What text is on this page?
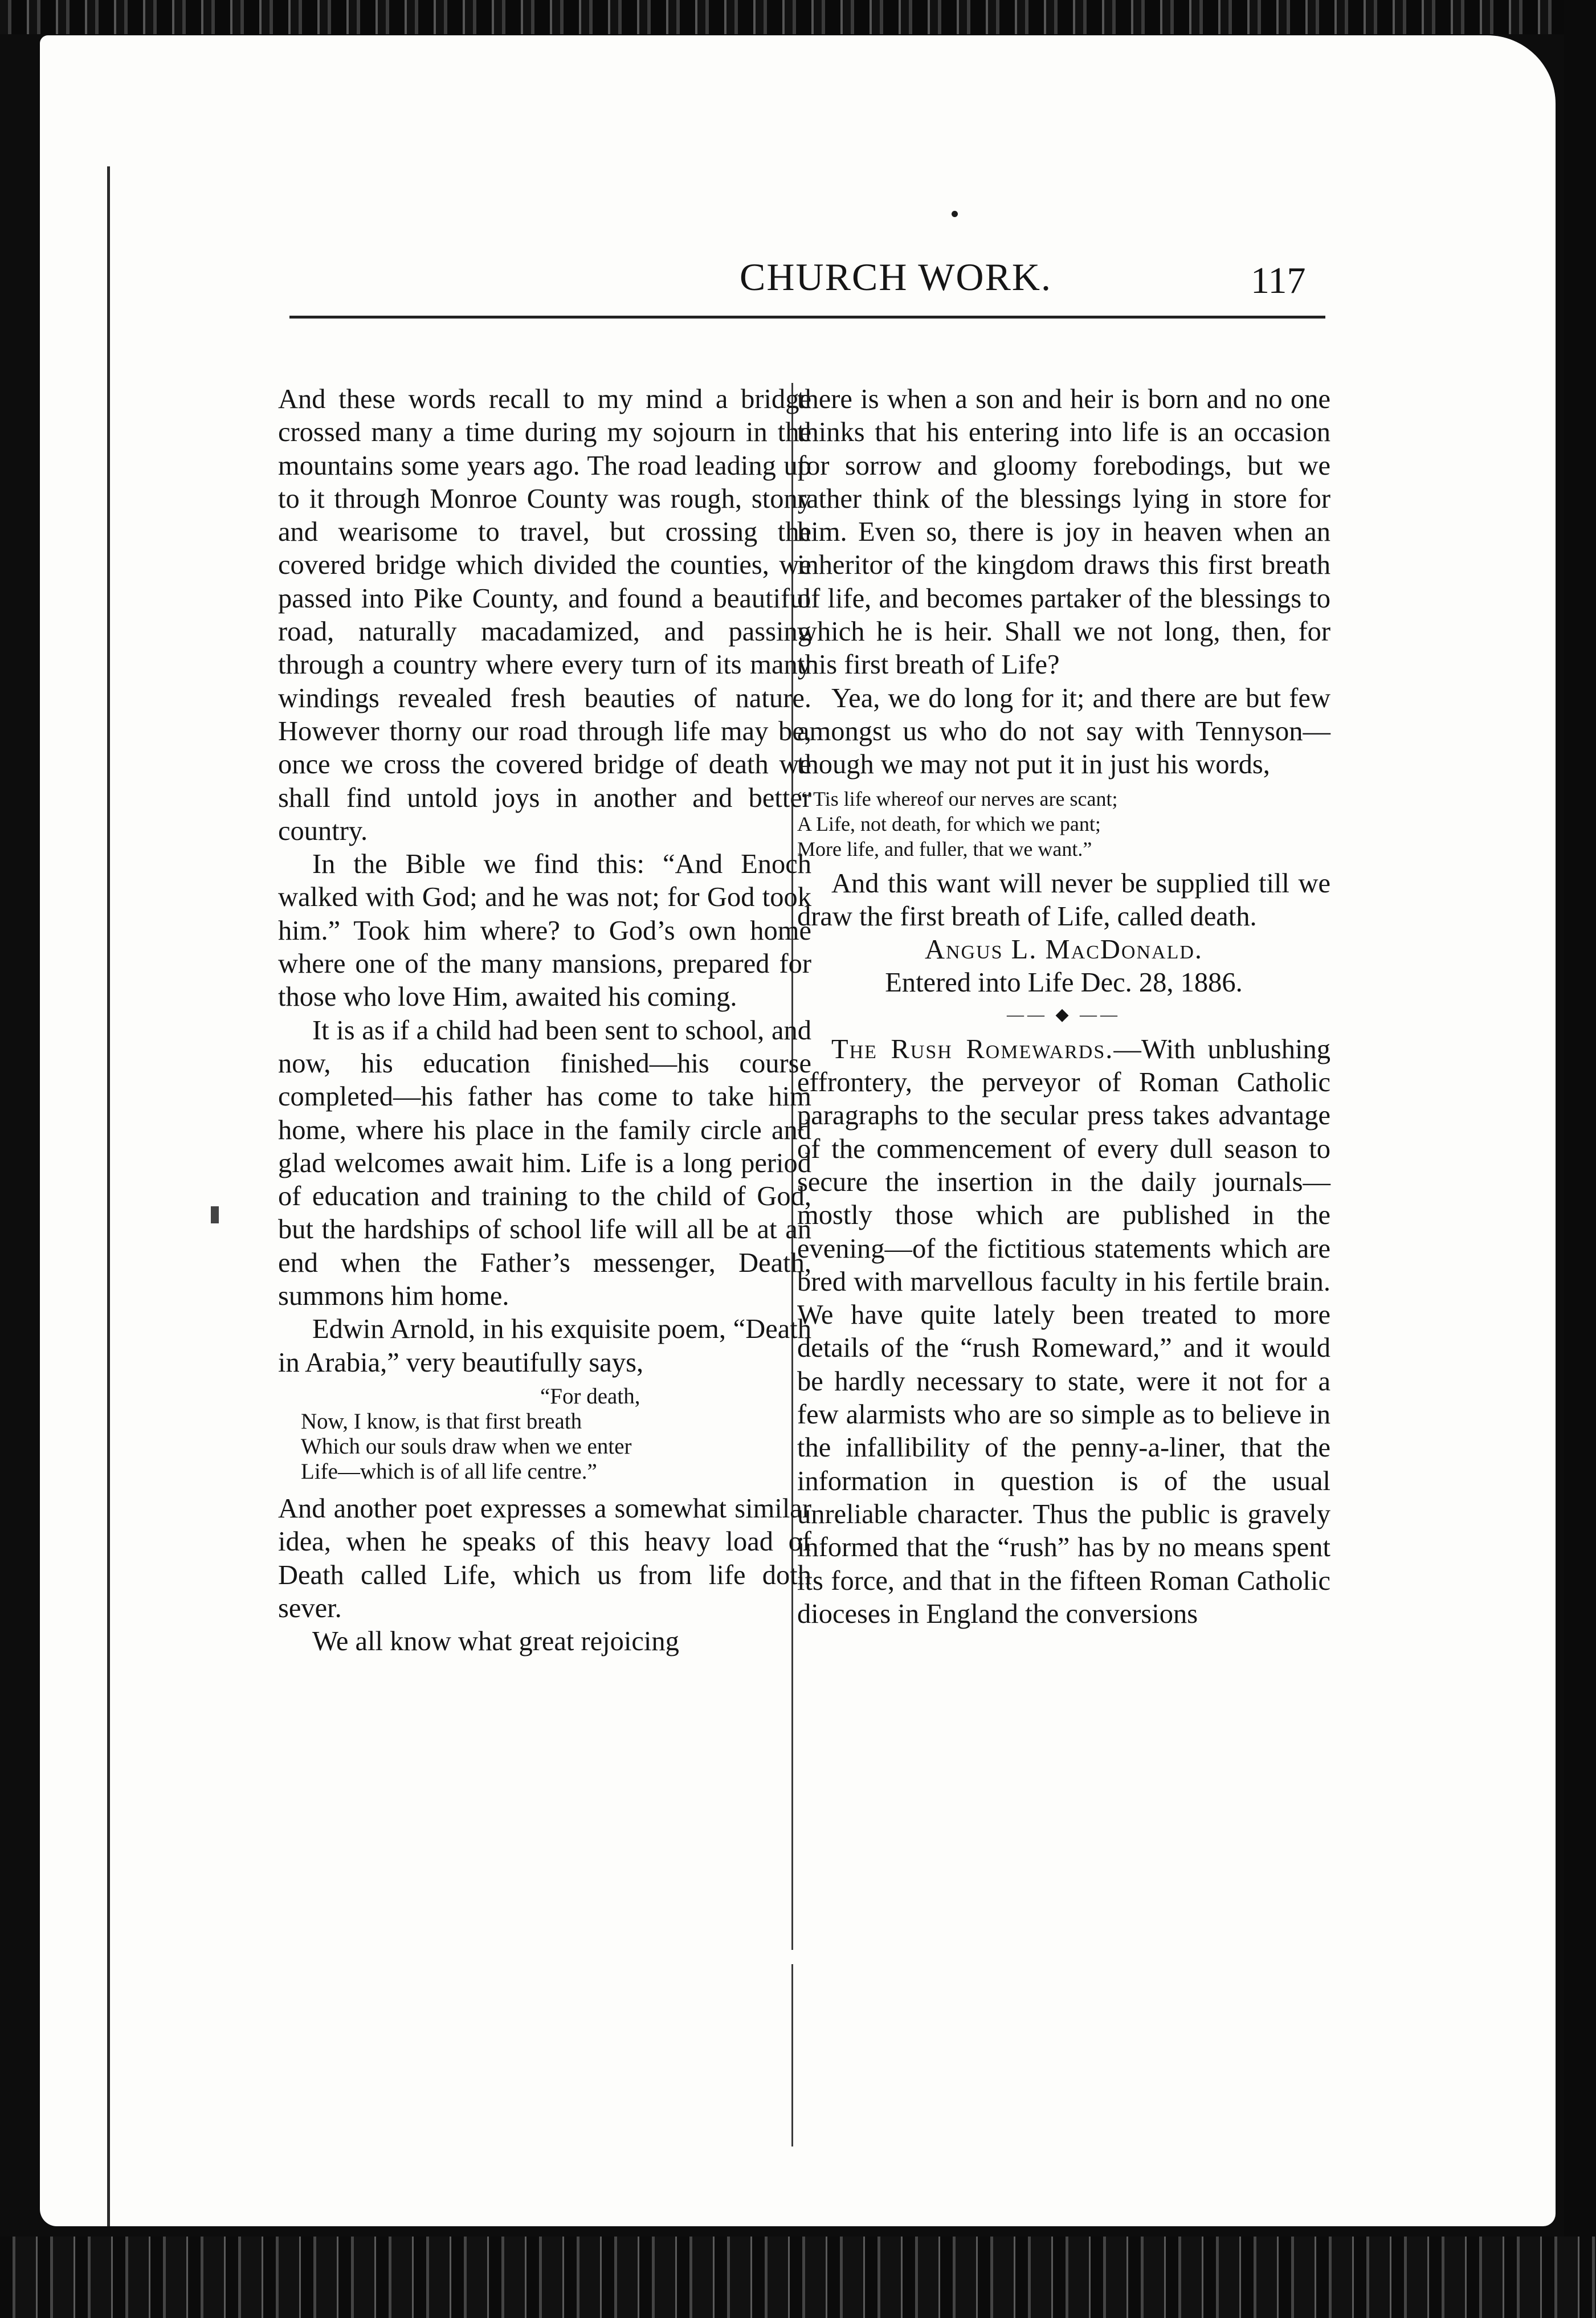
CHURCH WORK.	117

And these words recall to my mind a bridge crossed many a time during my sojourn in the mountains some years ago. The road leading up to it through Monroe County was rough, stony and wearisome to travel, but crossing the covered bridge which divided the counties, we passed into Pike County, and found a beautiful road, naturally macadamized, and passing through a country where every turn of its many windings revealed fresh beauties of nature. However thorny our road through life may be, once we cross the covered bridge of death we shall find untold joys in another and better country.

In the Bible we find this: “And Enoch walked with God; and he was not; for God took him.” Took him where? to God’s own home where one of the many mansions, prepared for those who love Him, awaited his coming.

It is as if a child had been sent to school, and now, his education finished—his course completed—his father has come to take him home, where his place in the family circle and glad welcomes await him. Life is a long period of education and training to the child of God, but the hardships of school life will all be at an end when the Father’s messenger, Death, summons him home.

Edwin Arnold, in his exquisite poem, “Death in Arabia,” very beautifully says,

“For death,
Now, I know, is that first breath
Which our souls draw when we enter
Life—which is of all life centre.”

And another poet expresses a somewhat similar idea, when he speaks of this heavy load of Death called Life, which us from life doth sever.

We all know what great rejoicing

there is when a son and heir is born and no one thinks that his entering into life is an occasion for sorrow and gloomy forebodings, but we rather think of the blessings lying in store for him. Even so, there is joy in heaven when an inheritor of the kingdom draws this first breath of life, and becomes partaker of the blessings to which he is heir. Shall we not long, then, for this first breath of Life?

Yea, we do long for it; and there are but few amongst us who do not say with Tennyson—though we may not put it in just his words,

“’Tis life whereof our nerves are scant;
A Life, not death, for which we pant;
More life, and fuller, that we want.”

And this want will never be supplied till we draw the first breath of Life, called death.

Angus L. MacDonald.

Entered into Life Dec. 28, 1886.

—— ◆ ——

The Rush Romewards.—With unblushing effrontery, the perveyor of Roman Catholic paragraphs to the secular press takes advantage of the commencement of every dull season to secure the insertion in the daily journals—mostly those which are published in the evening—of the fictitious statements which are bred with marvellous faculty in his fertile brain. We have quite lately been treated to more details of the “rush Romeward,” and it would be hardly necessary to state, were it not for a few alarmists who are so simple as to believe in the infallibility of the penny-a-liner, that the information in question is of the usual unreliable character. Thus the public is gravely informed that the “rush” has by no means spent its force, and that in the fifteen Roman Catholic dioceses in England the conversions
